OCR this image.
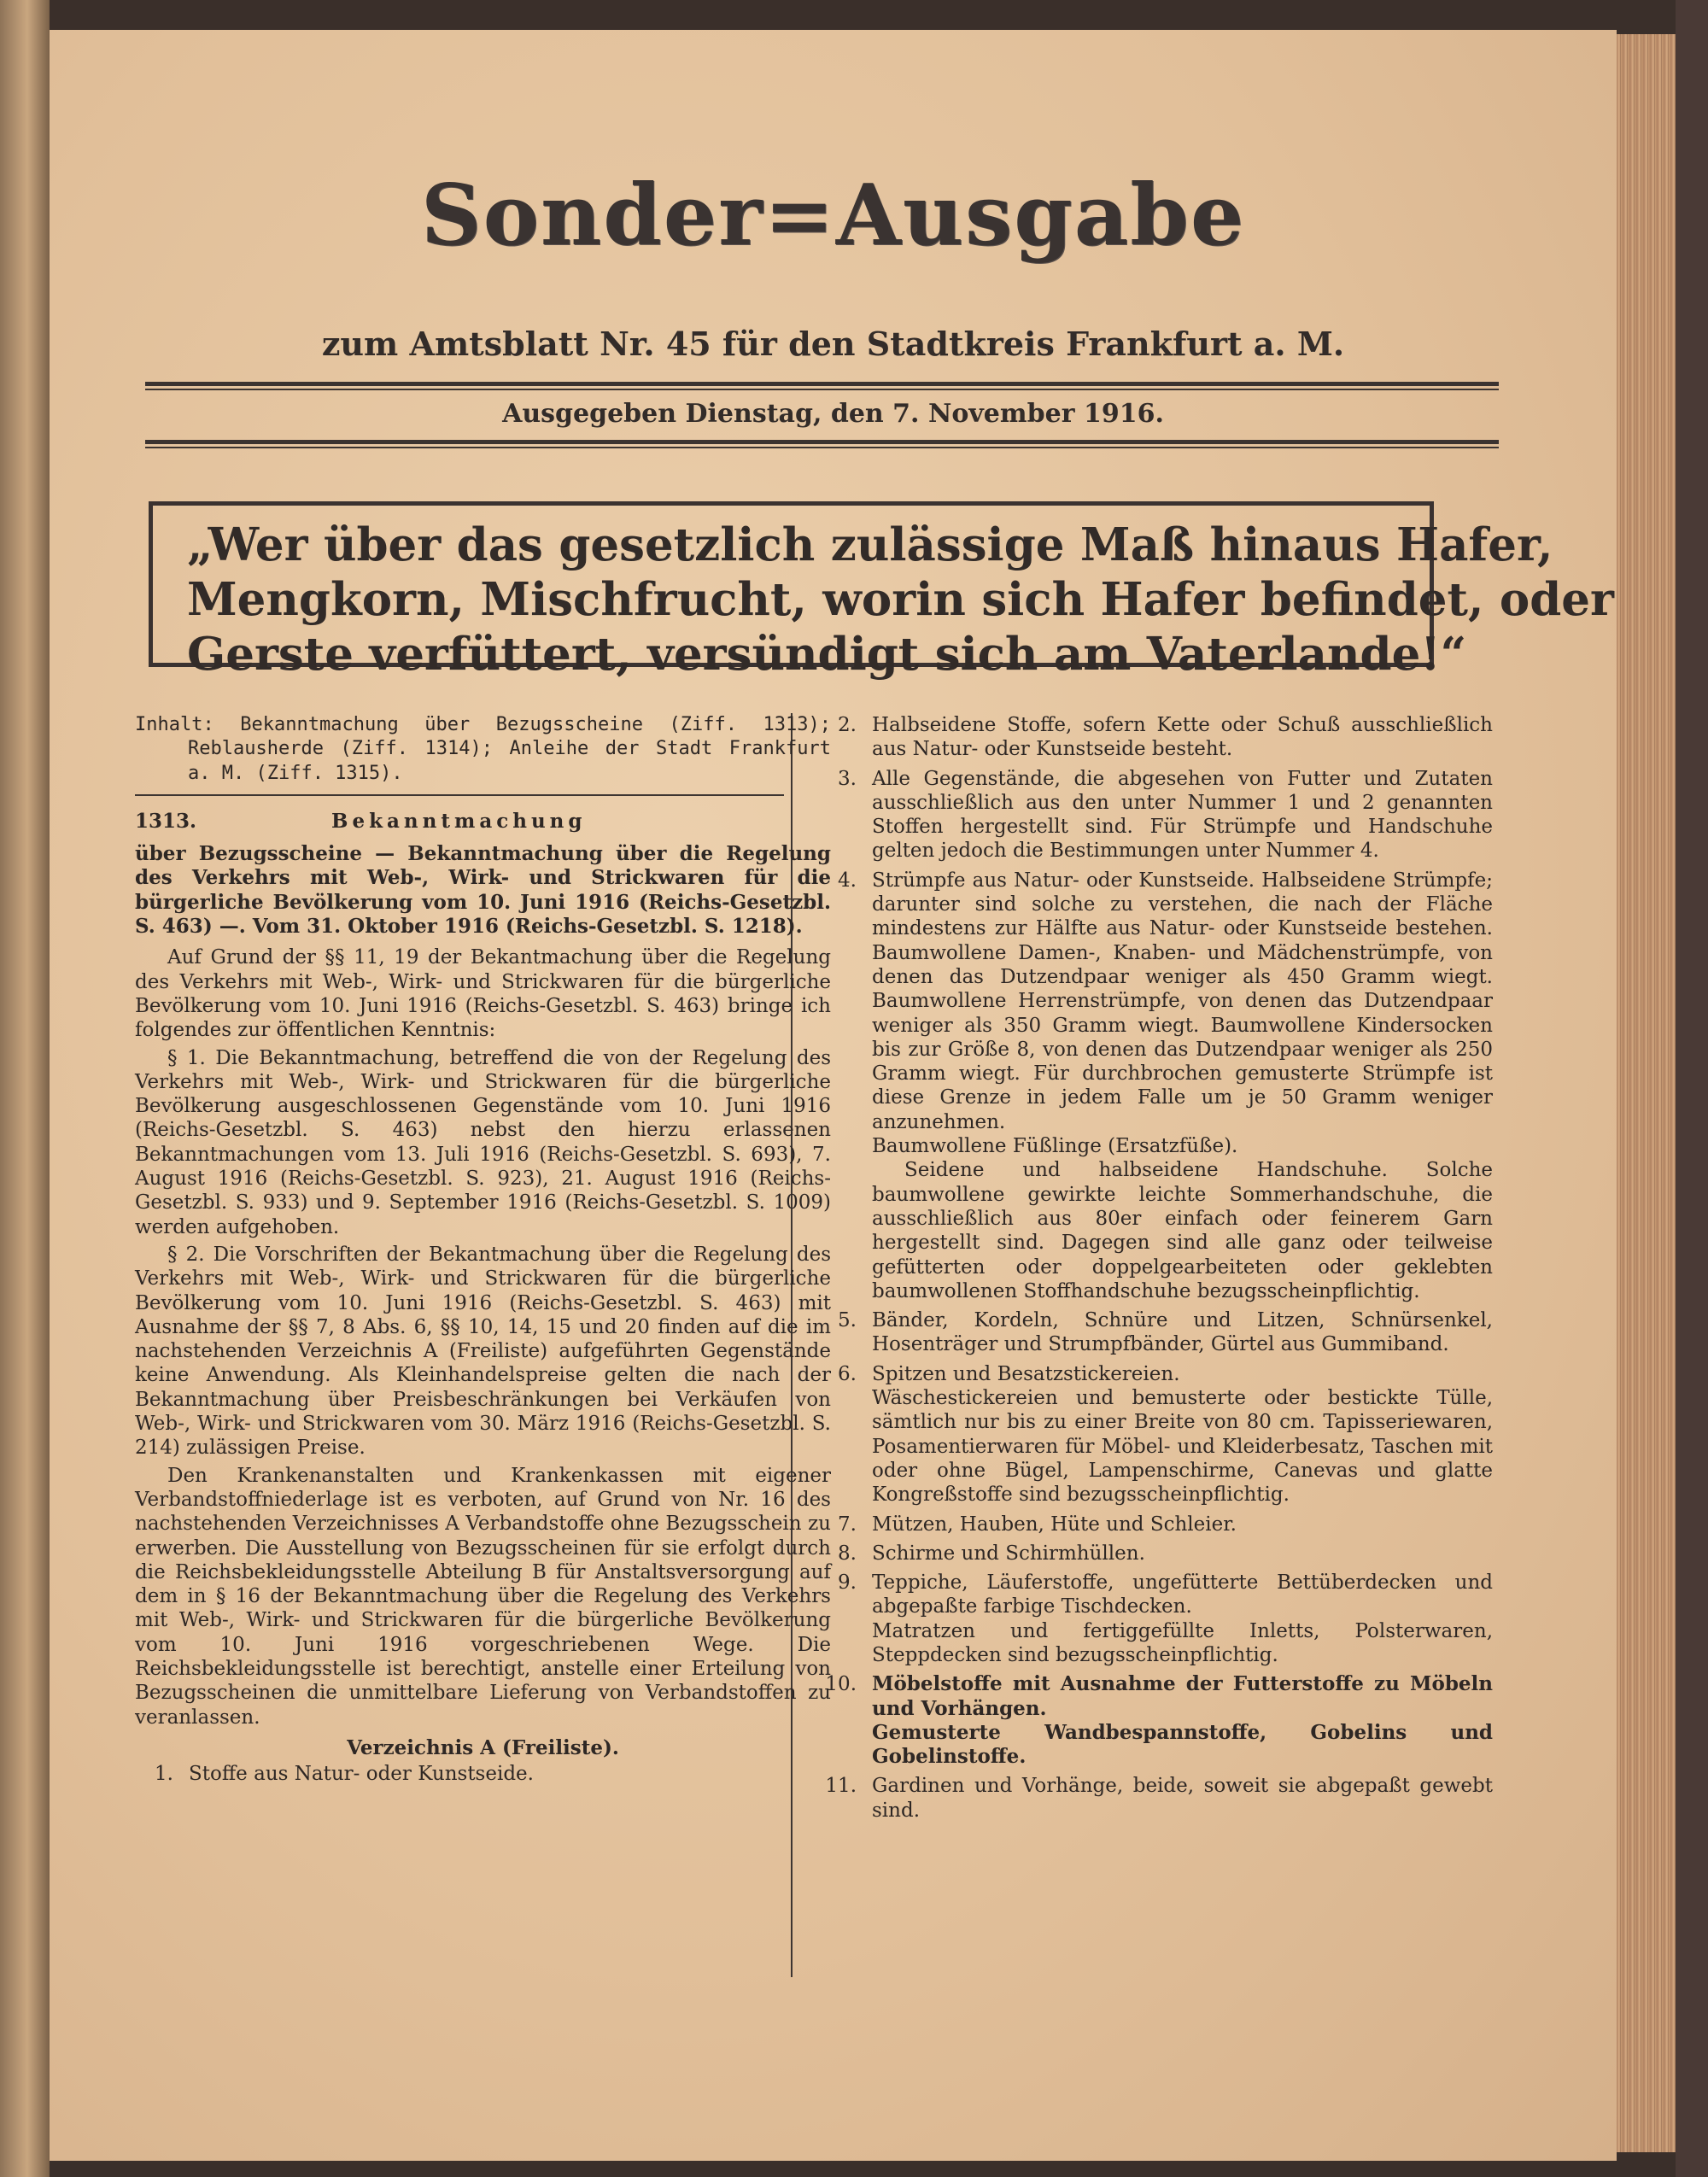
Sonder=Ausgabe
zum Amtsblatt Nr. 45 für den Stadtkreis Frankfurt a. M.
Ausgegeben Dienstag, den 7. November 1916.
„Wer über das gesetzlich zulässige Maß hinaus Hafer,
Mengkorn, Mischfrucht, worin sich Hafer befindet, oder
Gerste verfüttert, versündigt sich am Vaterlande!“
Inhalt: Bekanntmachung über Bezugsscheine (Ziff. 1313); Reblausherde (Ziff. 1314); Anleihe der Stadt Frankfurt a. M. (Ziff. 1315).
1313.	Bekanntmachung
über Bezugsscheine — Bekanntmachung über die Regelung des Verkehrs mit Web-, Wirk- und Strickwaren für die bürgerliche Bevölkerung vom 10. Juni 1916 (Reichs-Gesetzbl. S. 463) —. Vom 31. Oktober 1916 (Reichs-Gesetzbl. S. 1218).

Auf Grund der §§ 11, 19 der Bekantmachung über die Regelung des Verkehrs mit Web-, Wirk- und Strickwaren für die bürgerliche Bevölkerung vom 10. Juni 1916 (Reichs-Gesetzbl. S. 463) bringe ich folgendes zur öffentlichen Kenntnis:

§ 1. Die Bekanntmachung, betreffend die von der Regelung des Verkehrs mit Web-, Wirk- und Strickwaren für die bürgerliche Bevölkerung ausgeschlossenen Gegenstände vom 10. Juni 1916 (Reichs-Gesetzbl. S. 463) nebst den hierzu erlassenen Bekanntmachungen vom 13. Juli 1916 (Reichs-Gesetzbl. S. 693), 7. August 1916 (Reichs-Gesetzbl. S. 923), 21. August 1916 (Reichs-Gesetzbl. S. 933) und 9. September 1916 (Reichs-Gesetzbl. S. 1009) werden aufgehoben.

§ 2. Die Vorschriften der Bekantmachung über die Regelung des Verkehrs mit Web-, Wirk- und Strickwaren für die bürgerliche Bevölkerung vom 10. Juni 1916 (Reichs-Gesetzbl. S. 463) mit Ausnahme der §§ 7, 8 Abs. 6, §§ 10, 14, 15 und 20 finden auf die im nachstehenden Verzeichnis A (Freiliste) aufgeführten Gegenstände keine Anwendung. Als Kleinhandelspreise gelten die nach der Bekanntmachung über Preisbeschränkungen bei Verkäufen von Web-, Wirk- und Strickwaren vom 30. März 1916 (Reichs-Gesetzbl. S. 214) zulässigen Preise.

Den Krankenanstalten und Krankenkassen mit eigener Verbandstoffniederlage ist es verboten, auf Grund von Nr. 16 des nachstehenden Verzeichnisses A Verbandstoffe ohne Bezugsschein zu erwerben. Die Ausstellung von Bezugsscheinen für sie erfolgt durch die Reichsbekleidungsstelle Abteilung B für Anstaltsversorgung auf dem in § 16 der Bekanntmachung über die Regelung des Verkehrs mit Web-, Wirk- und Strickwaren für die bürgerliche Bevölkerung vom 10. Juni 1916 vorgeschriebenen Wege. Die Reichsbekleidungsstelle ist berechtigt, anstelle einer Erteilung von Bezugsscheinen die unmittelbare Lieferung von Verbandstoffen zu veranlassen.

Verzeichnis A (Freiliste).
1. Stoffe aus Natur- oder Kunstseide.
2. Halbseidene Stoffe, sofern Kette oder Schuß ausschließlich aus Natur- oder Kunstseide besteht.
3. Alle Gegenstände, die abgesehen von Futter und Zutaten ausschließlich aus den unter Nummer 1 und 2 genannten Stoffen hergestellt sind. Für Strümpfe und Handschuhe gelten jedoch die Bestimmungen unter Nummer 4.
4. Strümpfe aus Natur- oder Kunstseide. Halbseidene Strümpfe; darunter sind solche zu verstehen, die nach der Fläche mindestens zur Hälfte aus Natur- oder Kunstseide bestehen. Baumwollene Damen-, Knaben- und Mädchenstrümpfe, von denen das Dutzendpaar weniger als 450 Gramm wiegt. Baumwollene Herrenstrümpfe, von denen das Dutzendpaar weniger als 350 Gramm wiegt. Baumwollene Kindersocken bis zur Größe 8, von denen das Dutzendpaar weniger als 250 Gramm wiegt. Für durchbrochen gemusterte Strümpfe ist diese Grenze in jedem Falle um je 50 Gramm weniger anzunehmen.
Baumwollene Füßlinge (Ersatzfüße).
Seidene und halbseidene Handschuhe. Solche baumwollene gewirkte leichte Sommerhandschuhe, die ausschließlich aus 80er einfach oder feinerem Garn hergestellt sind. Dagegen sind alle ganz oder teilweise gefütterten oder doppelgearbeiteten oder geklebten baumwollenen Stoffhandschuhe bezugsscheinpflichtig.
5. Bänder, Kordeln, Schnüre und Litzen, Schnürsenkel, Hosenträger und Strumpfbänder, Gürtel aus Gummiband.
6. Spitzen und Besatzstickereien.
Wäschestickereien und bemusterte oder bestickte Tülle, sämtlich nur bis zu einer Breite von 80 cm. Tapisseriewaren, Posamentierwaren für Möbel- und Kleiderbesatz, Taschen mit oder ohne Bügel, Lampenschirme, Canevas und glatte Kongreßstoffe sind bezugsscheinpflichtig.
7. Mützen, Hauben, Hüte und Schleier.
8. Schirme und Schirmhüllen.
9. Teppiche, Läuferstoffe, ungefütterte Bettüberdecken und abgepaßte farbige Tischdecken.
Matratzen und fertiggefüllte Inletts, Polsterwaren, Steppdecken sind bezugsscheinpflichtig.
10. Möbelstoffe mit Ausnahme der Futterstoffe zu Möbeln und Vorhängen.
Gemusterte Wandbespannstoffe, Gobelins und Gobelinstoffe.
11. Gardinen und Vorhänge, beide, soweit sie abgepaßt gewebt sind.
